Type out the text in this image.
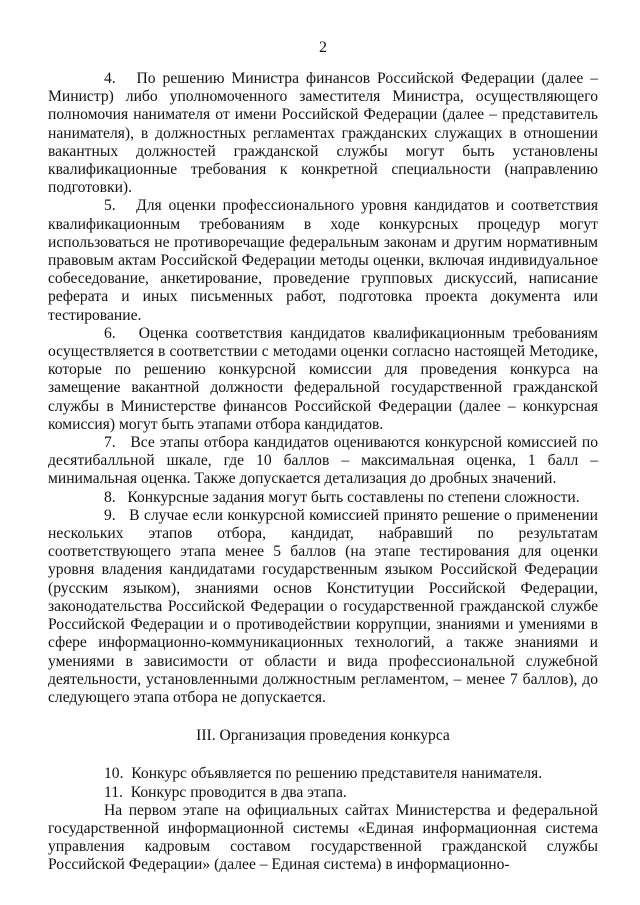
2

4.   По решению Министра финансов Российской Федерации (далее – Министр) либо уполномоченного заместителя Министра, осуществляющего полномочия нанимателя от имени Российской Федерации (далее – представитель нанимателя), в должностных регламентах гражданских служащих в отношении вакантных должностей гражданской службы могут быть установлены квалификационные требования к конкретной специальности (направлению подготовки).

5.   Для оценки профессионального уровня кандидатов и соответствия квалификационным требованиям в ходе конкурсных процедур могут использоваться не противоречащие федеральным законам и другим нормативным правовым актам Российской Федерации методы оценки, включая индивидуальное собеседование, анкетирование, проведение групповых дискуссий, написание реферата и иных письменных работ, подготовка проекта документа или тестирование.

6.   Оценка соответствия кандидатов квалификационным требованиям осуществляется в соответствии с методами оценки согласно настоящей Методике, которые по решению конкурсной комиссии для проведения конкурса на замещение вакантной должности федеральной государственной гражданской службы в Министерстве финансов Российской Федерации (далее – конкурсная комиссия) могут быть этапами отбора кандидатов.

7.   Все этапы отбора кандидатов оцениваются конкурсной комиссией по десятибалльной шкале, где 10 баллов – максимальная оценка, 1 балл – минимальная оценка. Также допускается детализация до дробных значений.

8.   Конкурсные задания могут быть составлены по степени сложности.

9.   В случае если конкурсной комиссией принято решение о применении нескольких этапов отбора, кандидат, набравший по результатам соответствующего этапа менее 5 баллов (на этапе тестирования для оценки уровня владения кандидатами государственным языком Российской Федерации (русским языком), знаниями основ Конституции Российской Федерации, законодательства Российской Федерации о государственной гражданской службе Российской Федерации и о противодействии коррупции, знаниями и умениями в сфере информационно-коммуникационных технологий, а также знаниями и умениями в зависимости от области и вида профессиональной служебной деятельности, установленными должностным регламентом, – менее 7 баллов), до следующего этапа отбора не допускается.

III. Организация проведения конкурса

10.  Конкурс объявляется по решению представителя нанимателя.

11.  Конкурс проводится в два этапа.

На первом этапе на официальных сайтах Министерства и федеральной государственной информационной системы «Единая информационная система управления кадровым составом государственной гражданской службы Российской Федерации» (далее – Единая система) в информационно-
